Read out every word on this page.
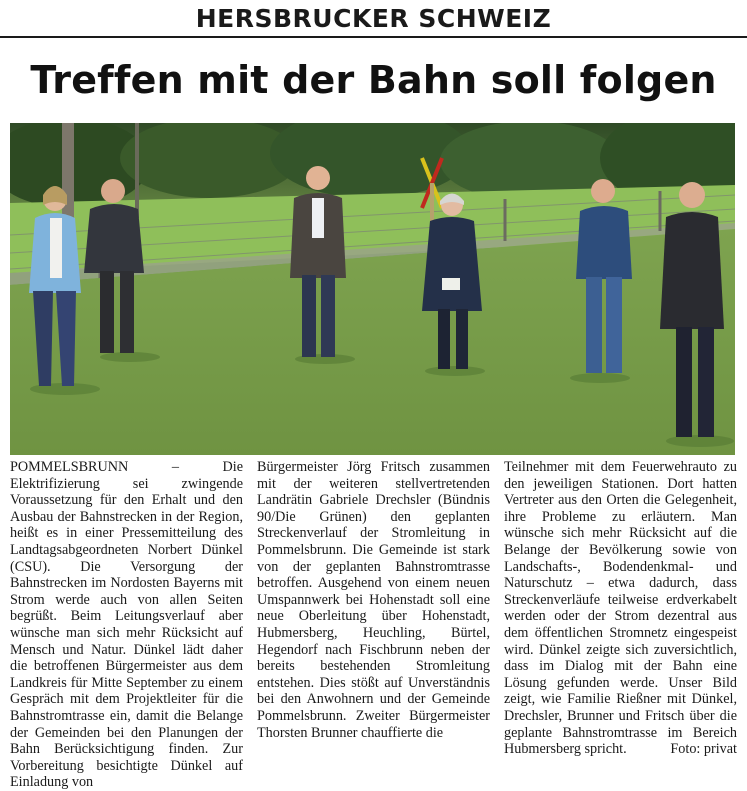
HERSBRUCKER SCHWEIZ
Treffen mit der Bahn soll folgen
POMMELSBRUNN – Die Elektrifizierung sei zwingende Voraussetzung für den Erhalt und den Ausbau der Bahnstrecken in der Region, heißt es in einer Pressemitteilung des Landtagsabgeordneten Norbert Dünkel (CSU). Die Versorgung der Bahnstrecken im Nordosten Bayerns mit Strom werde auch von allen Seiten begrüßt. Beim Leitungsverlauf aber wünsche man sich mehr Rücksicht auf Mensch und Natur. Dünkel lädt daher die betroffenen Bürgermeister aus dem Landkreis für Mitte September zu einem Gespräch mit dem Projektleiter für die Bahnstromtrasse ein, damit die Belange der Gemeinden bei den Planungen der Bahn Berücksichtigung finden. Zur Vorbereitung besichtigte Dünkel auf Einladung von
Bürgermeister Jörg Fritsch zusammen mit der weiteren stellvertretenden Landrätin Gabriele Drechsler (Bündnis 90/Die Grünen) den geplanten Streckenverlauf der Stromleitung in Pommelsbrunn. Die Gemeinde ist stark von der geplanten Bahnstromtrasse betroffen. Ausgehend von einem neuen Umspannwerk bei Hohenstadt soll eine neue Oberleitung über Hohenstadt, Hubmersberg, Heuchling, Bürtel, Hegendorf nach Fischbrunn neben der bereits bestehenden Stromleitung entstehen. Dies stößt auf Unverständnis bei den Anwohnern und der Gemeinde Pommelsbrunn. Zweiter Bürgermeister Thorsten Brunner chauffierte die
Teilnehmer mit dem Feuerwehrauto zu den jeweiligen Stationen. Dort hatten Vertreter aus den Orten die Gelegenheit, ihre Probleme zu erläutern. Man wünsche sich mehr Rücksicht auf die Belange der Bevölkerung sowie von Landschafts-, Bodendenkmal- und Naturschutz – etwa dadurch, dass Streckenverläufe teilweise erdverkabelt werden oder der Strom dezentral aus dem öffentlichen Stromnetz eingespeist wird. Dünkel zeigte sich zuversichtlich, dass im Dialog mit der Bahn eine Lösung gefunden werde. Unser Bild zeigt, wie Familie Rießner mit Dünkel, Drechsler, Brunner und Fritsch über die geplante Bahnstromtrasse im Bereich Hubmersberg spricht.	Foto: privat
